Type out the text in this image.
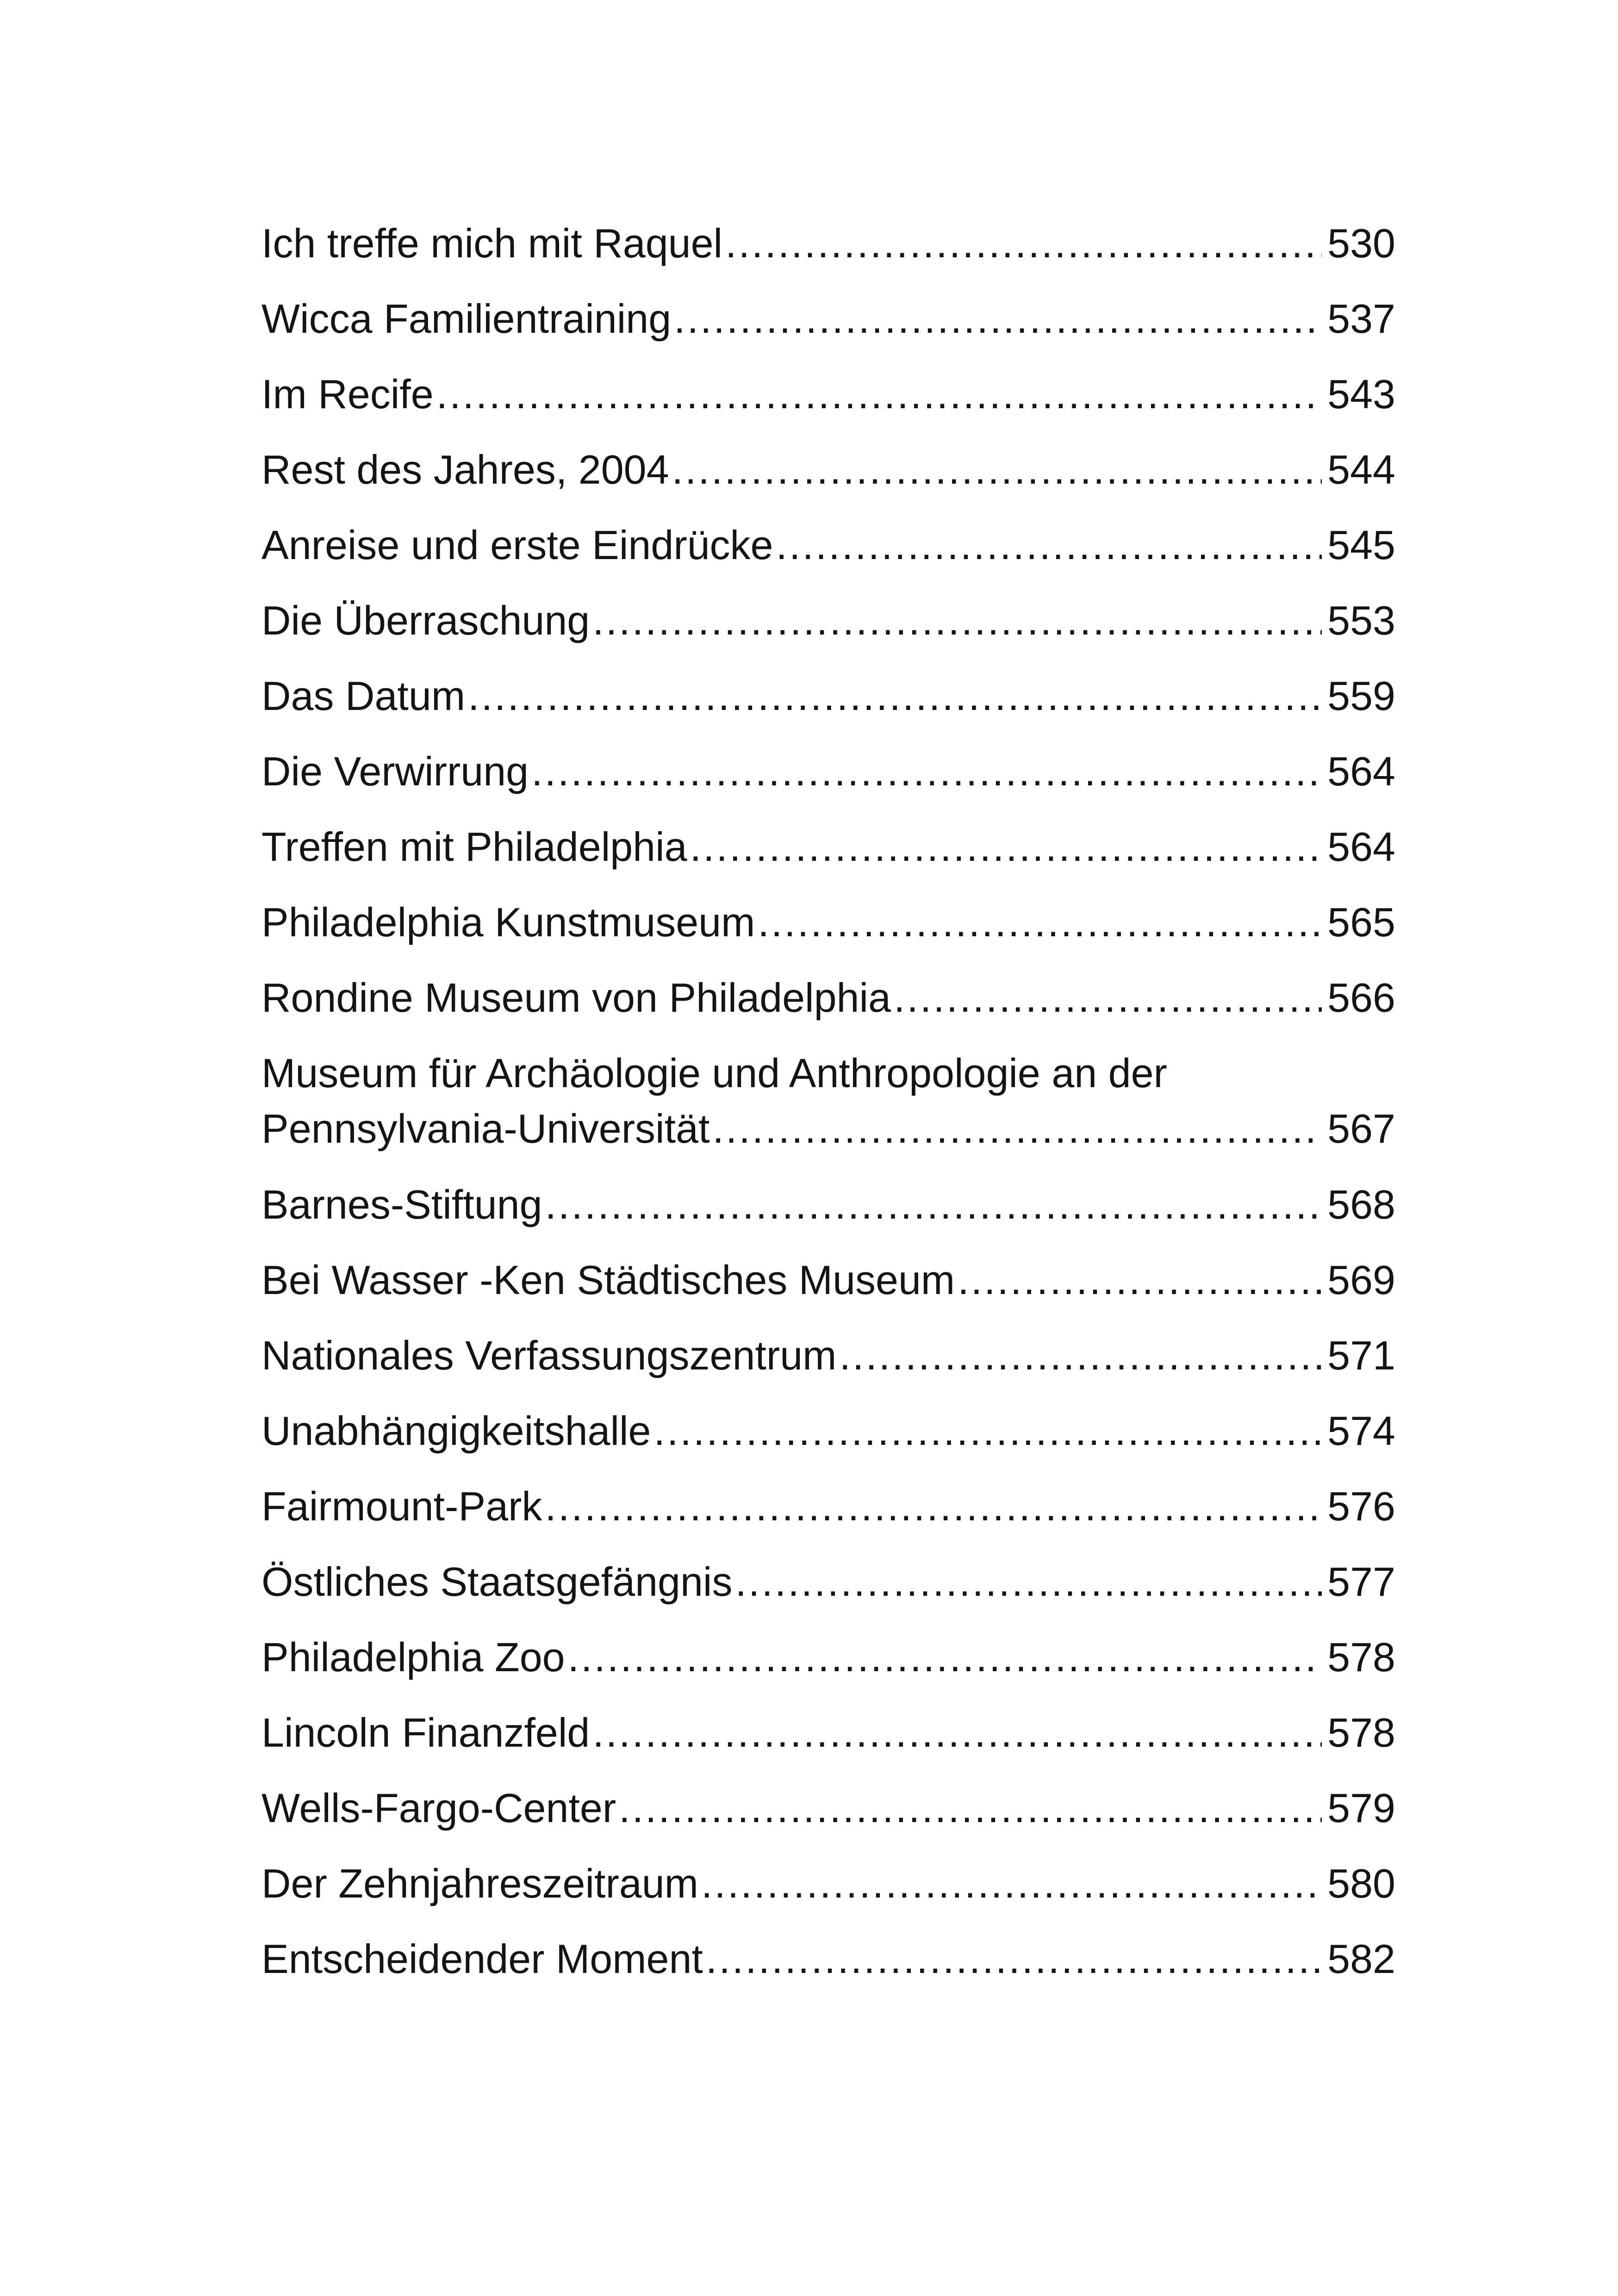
Ich treffe mich mit Raquel .....	530
Wicca Familientraining .....	537
Im Recife .....	543
Rest des Jahres, 2004 .....	544
Anreise und erste Eindrücke .....	545
Die Überraschung .....	553
Das Datum .....	559
Die Verwirrung .....	564
Treffen mit Philadelphia .....	564
Philadelphia Kunstmuseum .....	565
Rondine Museum von Philadelphia .....	566
Museum für Archäologie und Anthropologie an der
Pennsylvania-Universität .....	567
Barnes-Stiftung .....	568
Bei Wasser -Ken Städtisches Museum .....	569
Nationales Verfassungszentrum .....	571
Unabhängigkeitshalle .....	574
Fairmount-Park .....	576
Östliches Staatsgefängnis .....	577
Philadelphia Zoo .....	578
Lincoln Finanzfeld .....	578
Wells-Fargo-Center .....	579
Der Zehnjahreszeitraum .....	580
Entscheidender Moment .....	582
